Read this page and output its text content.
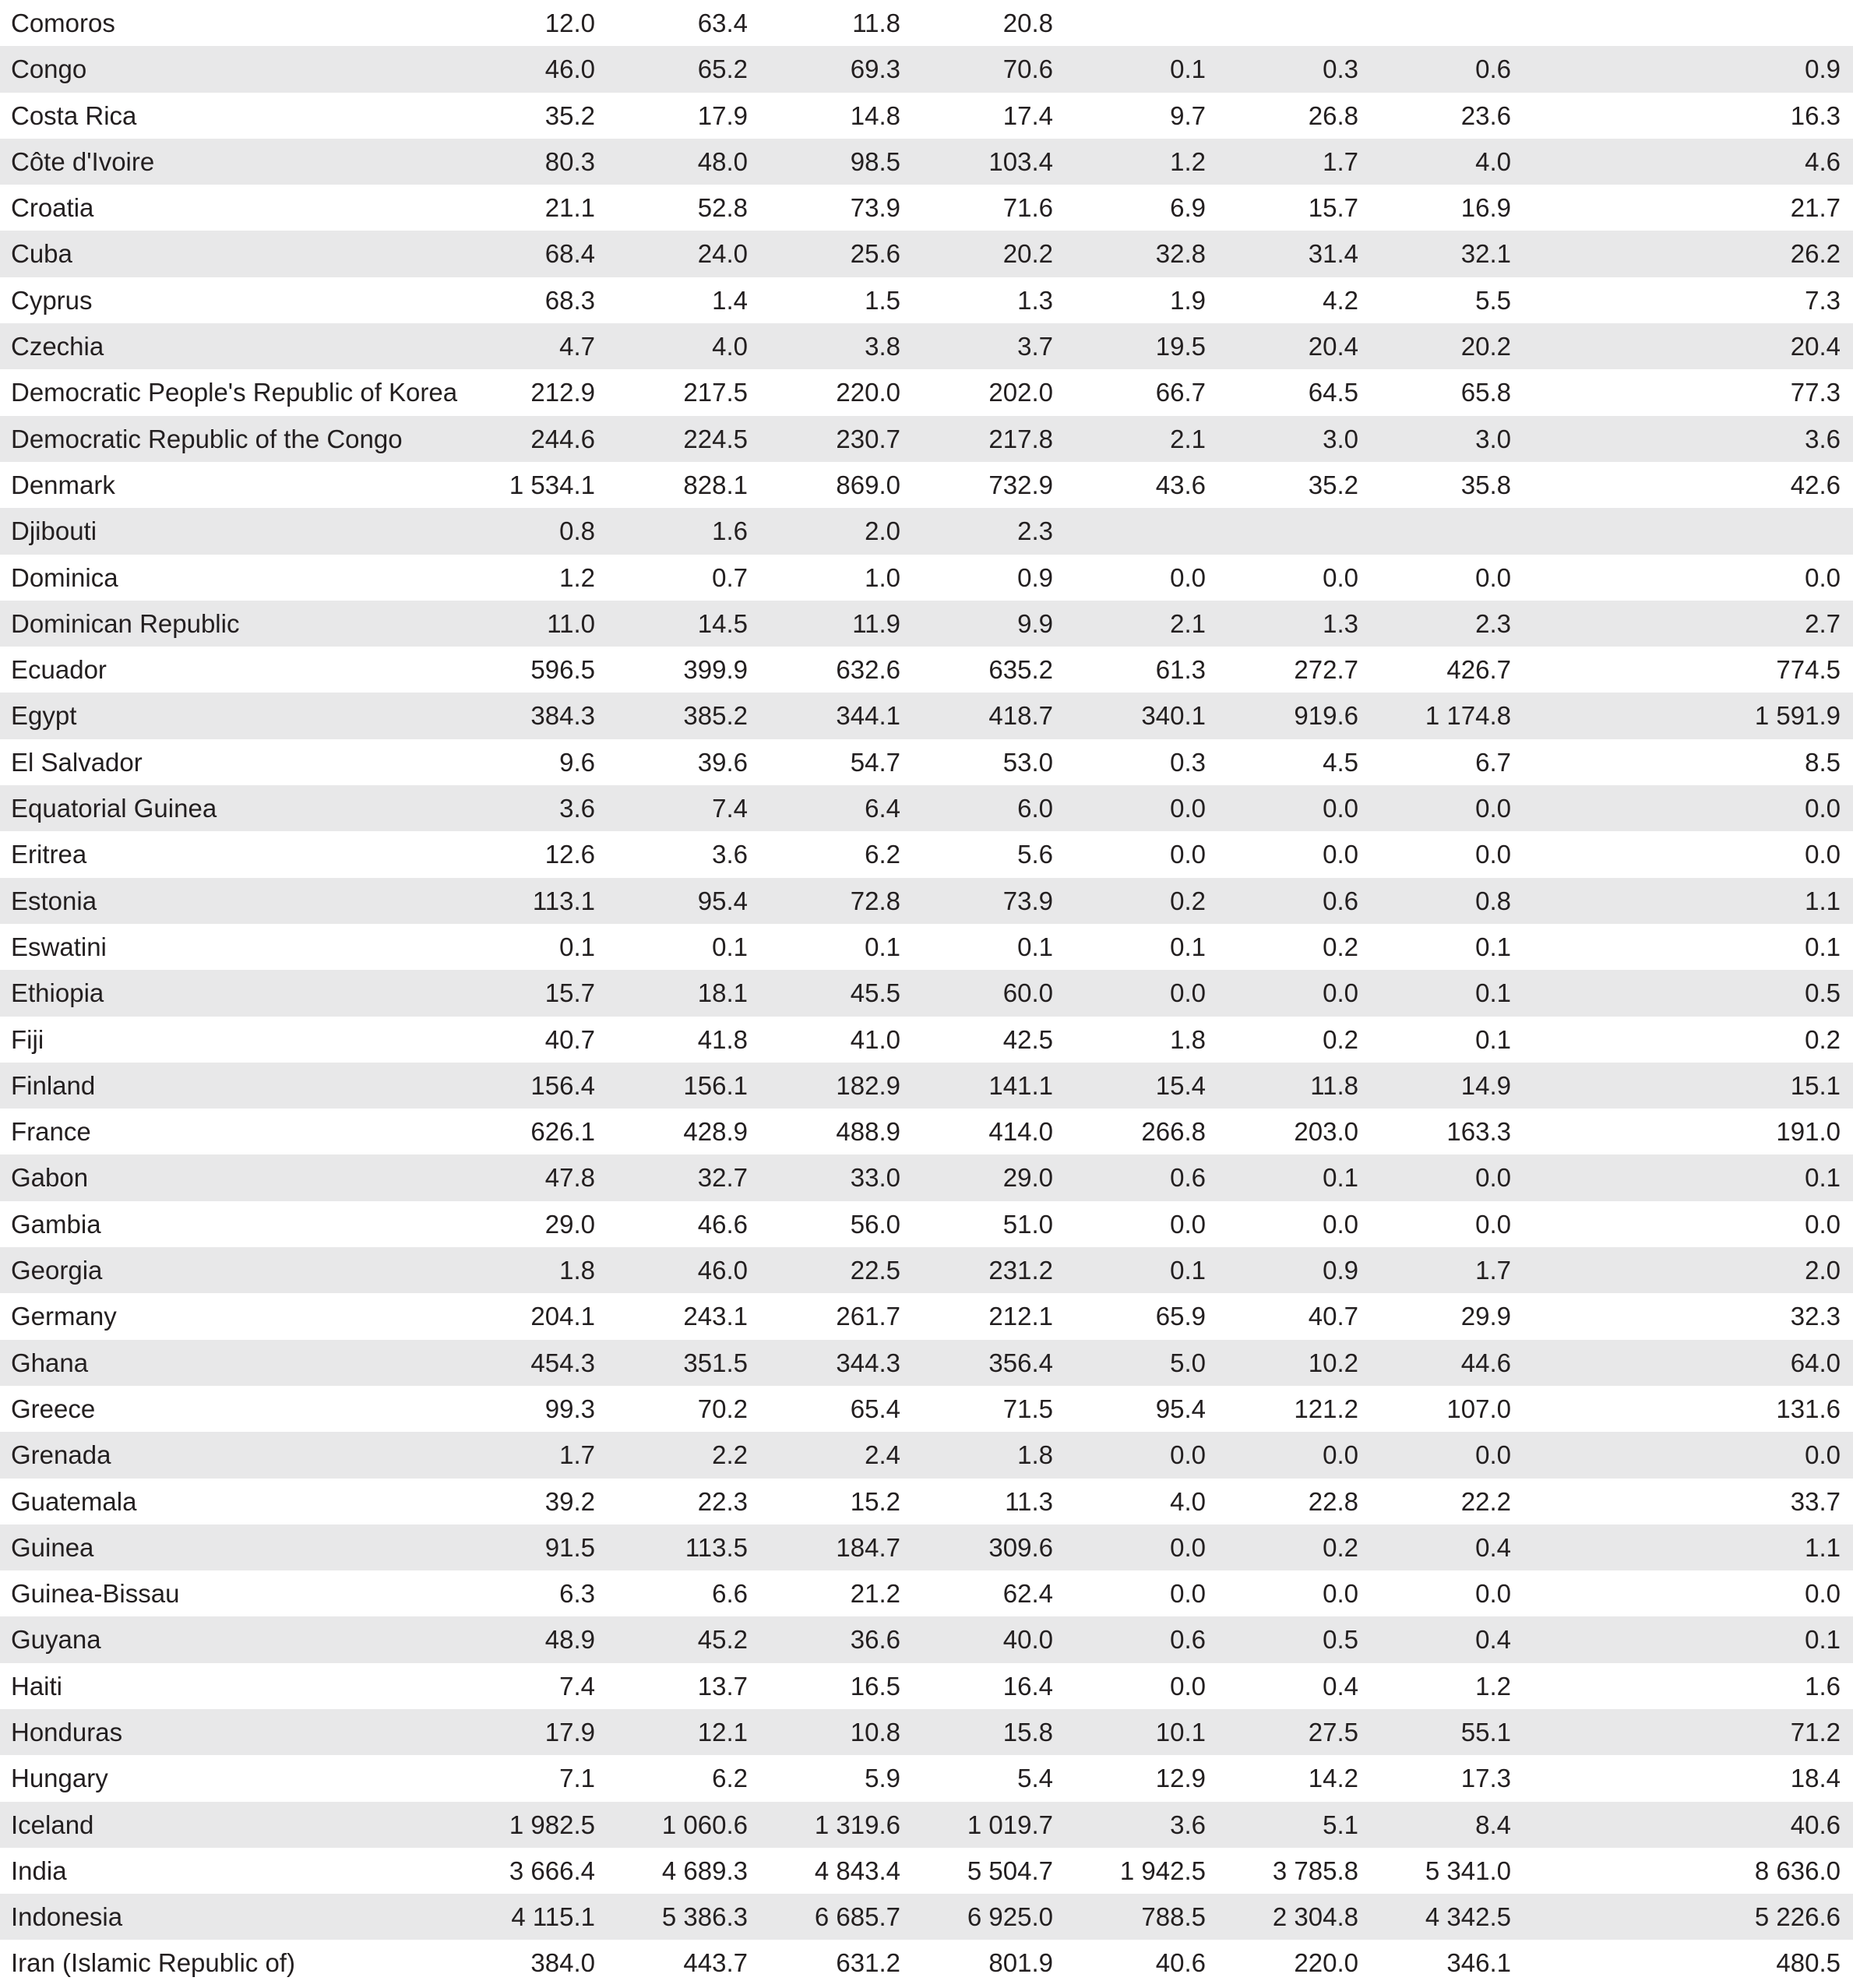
Comoros	12.0	63.4	11.8	20.8				
Congo	46.0	65.2	69.3	70.6	0.1	0.3	0.6	0.9
Costa Rica	35.2	17.9	14.8	17.4	9.7	26.8	23.6	16.3
Côte d'Ivoire	80.3	48.0	98.5	103.4	1.2	1.7	4.0	4.6
Croatia	21.1	52.8	73.9	71.6	6.9	15.7	16.9	21.7
Cuba	68.4	24.0	25.6	20.2	32.8	31.4	32.1	26.2
Cyprus	68.3	1.4	1.5	1.3	1.9	4.2	5.5	7.3
Czechia	4.7	4.0	3.8	3.7	19.5	20.4	20.2	20.4
Democratic People's Republic of Korea	212.9	217.5	220.0	202.0	66.7	64.5	65.8	77.3
Democratic Republic of the Congo	244.6	224.5	230.7	217.8	2.1	3.0	3.0	3.6
Denmark	1 534.1	828.1	869.0	732.9	43.6	35.2	35.8	42.6
Djibouti	0.8	1.6	2.0	2.3				
Dominica	1.2	0.7	1.0	0.9	0.0	0.0	0.0	0.0
Dominican Republic	11.0	14.5	11.9	9.9	2.1	1.3	2.3	2.7
Ecuador	596.5	399.9	632.6	635.2	61.3	272.7	426.7	774.5
Egypt	384.3	385.2	344.1	418.7	340.1	919.6	1 174.8	1 591.9
El Salvador	9.6	39.6	54.7	53.0	0.3	4.5	6.7	8.5
Equatorial Guinea	3.6	7.4	6.4	6.0	0.0	0.0	0.0	0.0
Eritrea	12.6	3.6	6.2	5.6	0.0	0.0	0.0	0.0
Estonia	113.1	95.4	72.8	73.9	0.2	0.6	0.8	1.1
Eswatini	0.1	0.1	0.1	0.1	0.1	0.2	0.1	0.1
Ethiopia	15.7	18.1	45.5	60.0	0.0	0.0	0.1	0.5
Fiji	40.7	41.8	41.0	42.5	1.8	0.2	0.1	0.2
Finland	156.4	156.1	182.9	141.1	15.4	11.8	14.9	15.1
France	626.1	428.9	488.9	414.0	266.8	203.0	163.3	191.0
Gabon	47.8	32.7	33.0	29.0	0.6	0.1	0.0	0.1
Gambia	29.0	46.6	56.0	51.0	0.0	0.0	0.0	0.0
Georgia	1.8	46.0	22.5	231.2	0.1	0.9	1.7	2.0
Germany	204.1	243.1	261.7	212.1	65.9	40.7	29.9	32.3
Ghana	454.3	351.5	344.3	356.4	5.0	10.2	44.6	64.0
Greece	99.3	70.2	65.4	71.5	95.4	121.2	107.0	131.6
Grenada	1.7	2.2	2.4	1.8	0.0	0.0	0.0	0.0
Guatemala	39.2	22.3	15.2	11.3	4.0	22.8	22.2	33.7
Guinea	91.5	113.5	184.7	309.6	0.0	0.2	0.4	1.1
Guinea-Bissau	6.3	6.6	21.2	62.4	0.0	0.0	0.0	0.0
Guyana	48.9	45.2	36.6	40.0	0.6	0.5	0.4	0.1
Haiti	7.4	13.7	16.5	16.4	0.0	0.4	1.2	1.6
Honduras	17.9	12.1	10.8	15.8	10.1	27.5	55.1	71.2
Hungary	7.1	6.2	5.9	5.4	12.9	14.2	17.3	18.4
Iceland	1 982.5	1 060.6	1 319.6	1 019.7	3.6	5.1	8.4	40.6
India	3 666.4	4 689.3	4 843.4	5 504.7	1 942.5	3 785.8	5 341.0	8 636.0
Indonesia	4 115.1	5 386.3	6 685.7	6 925.0	788.5	2 304.8	4 342.5	5 226.6
Iran (Islamic Republic of)	384.0	443.7	631.2	801.9	40.6	220.0	346.1	480.5
